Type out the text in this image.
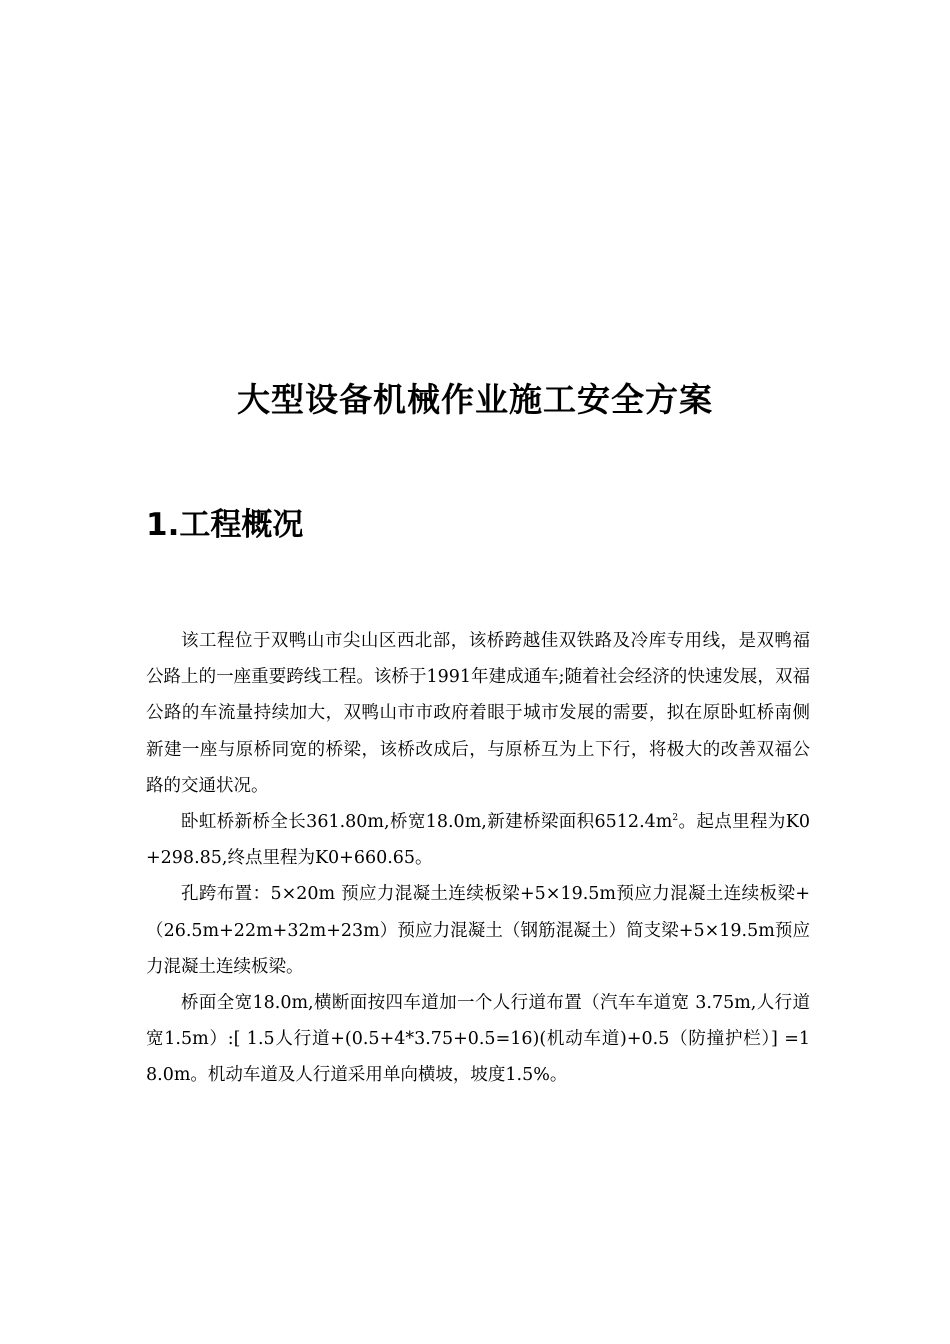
大型设备机械作业施工安全方案
1.工程概况

该工程位于双鸭山市尖山区西北部，该桥跨越佳双铁路及冷库专用线，是双鸭福公路上的一座重要跨线工程。该桥于1991年建成通车;随着社会经济的快速发展，双福公路的车流量持续加大，双鸭山市市政府着眼于城市发展的需要，拟在原卧虹桥南侧新建一座与原桥同宽的桥梁，该桥改成后，与原桥互为上下行，将极大的改善双福公路的交通状况。

卧虹桥新桥全长361.80m,桥宽18.0m,新建桥梁面积$6512.4m^2$。起点里程为K0+298.85,终点里程为K0+660.65。

孔跨布置：5×20m 预应力混凝土连续板梁+5×19.5m预应力混凝土连续板梁+（26.5m+22m+32m+23m）预应力混凝土（钢筋混凝土）简支梁+5×19.5m预应力混凝土连续板梁。

桥面全宽18.0m,横断面按四车道加一个人行道布置（汽车车道宽 3.75m,人行道宽1.5m）:[ 1.5人行道+(0.5+4*3.75+0.5=16)(机动车道)+0.5（防撞护栏）] =18.0m。机动车道及人行道采用单向横坡，坡度1.5%。
